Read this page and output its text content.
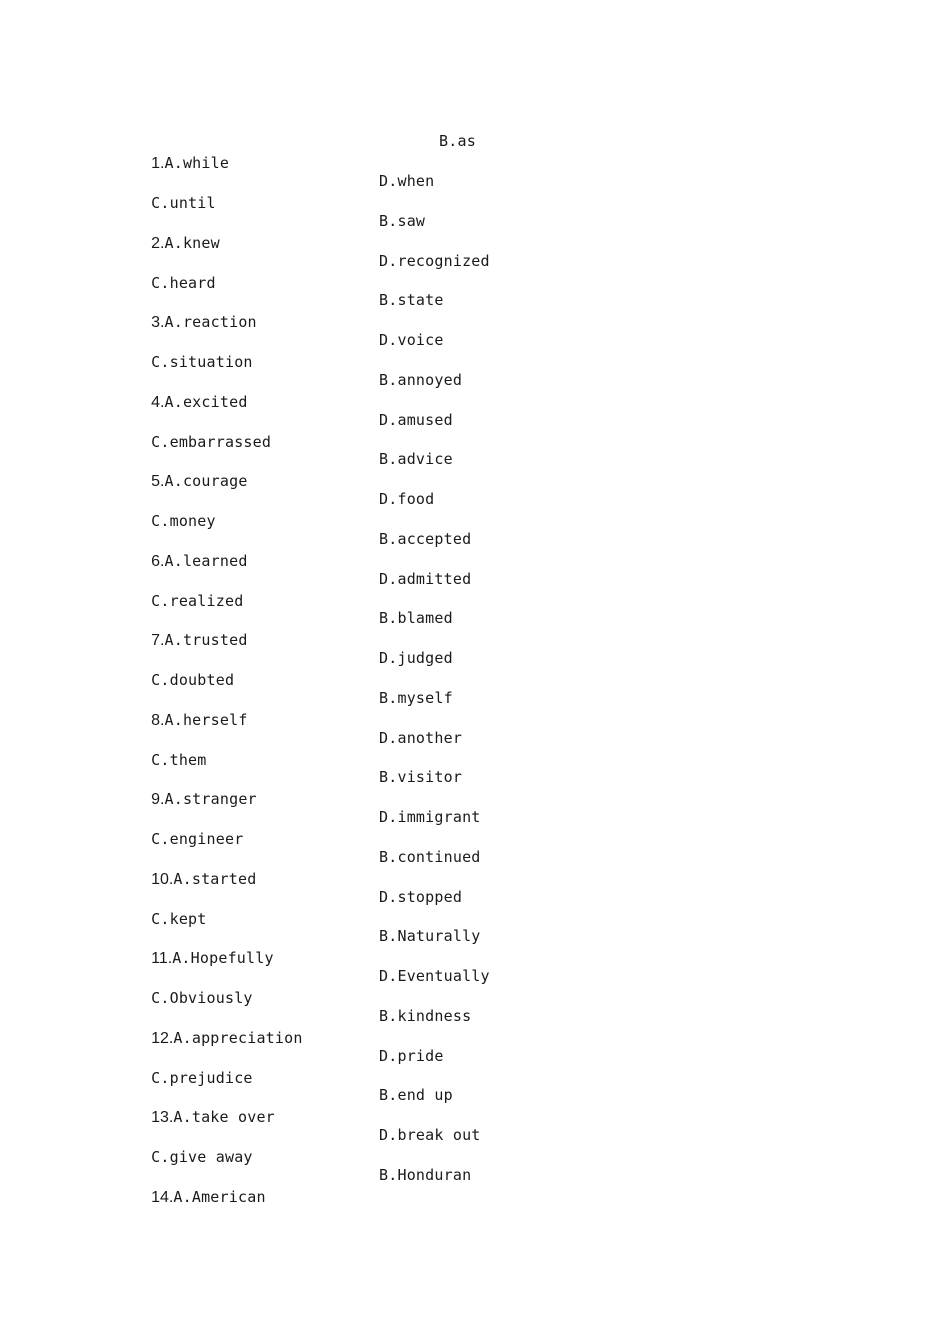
1.A.while

B.as

C.until

D.when

2.A.knew

B.saw

C.heard

D.recognized

3.A.reaction

B.state

C.situation

D.voice

4.A.excited

B.annoyed

C.embarrassed

D.amused

5.A.courage

B.advice

C.money

D.food

6.A.learned

B.accepted

C.realized

D.admitted

7.A.trusted

B.blamed

C.doubted

D.judged

8.A.herself

B.myself

C.them

D.another

9.A.stranger

B.visitor

C.engineer

D.immigrant

10.A.started

B.continued

C.kept

D.stopped

11.A.Hopefully

B.Naturally

C.Obviously

D.Eventually

12.A.appreciation

B.kindness

C.prejudice

D.pride

13.A.take over

B.end up

C.give away

D.break out

14.A.American

B.Honduran
